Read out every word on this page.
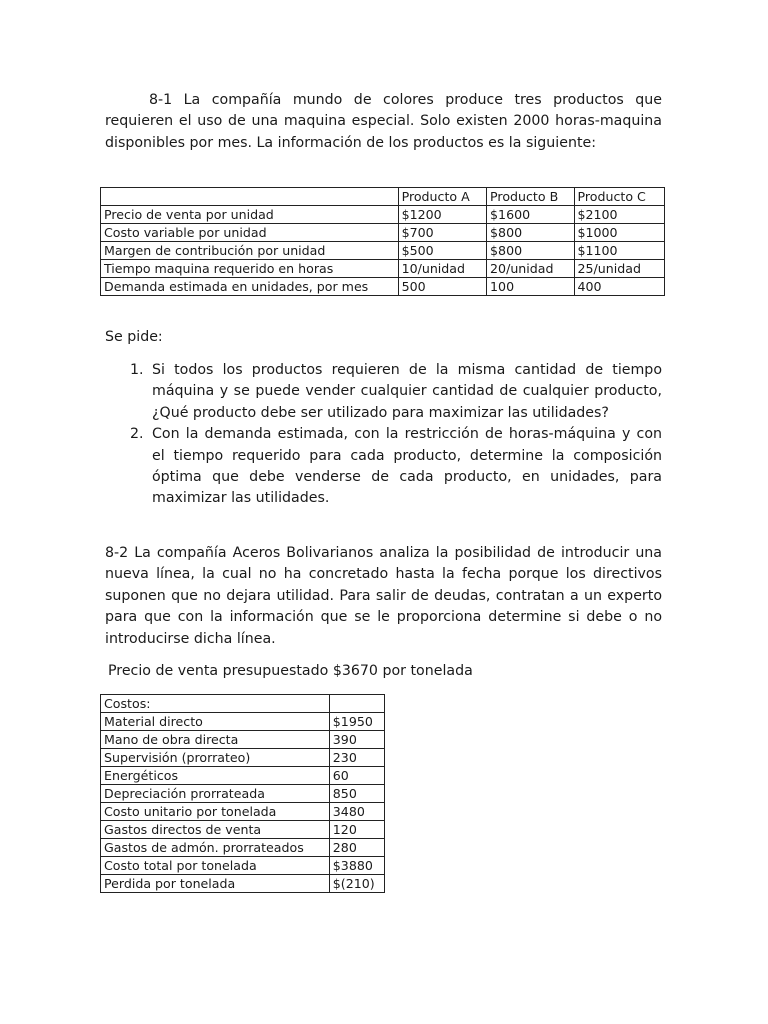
8-1 La compañía mundo de colores produce tres productos que requieren el uso de una maquina especial. Solo existen 2000 horas-maquina disponibles por mes. La información de los productos es la siguiente:

	Producto A	Producto B	Producto C
Precio de venta por unidad	$1200	$1600	$2100
Costo variable por unidad	$700	$800	$1000
Margen de contribución por unidad	$500	$800	$1100
Tiempo maquina requerido en horas	10/unidad	20/unidad	25/unidad
Demanda estimada en unidades, por mes	500	100	400

Se pide:

1. Si todos los productos requieren de la misma cantidad de tiempo máquina y se puede vender cualquier cantidad de cualquier producto, ¿Qué producto debe ser utilizado para maximizar las utilidades?
2. Con la demanda estimada, con la restricción de horas-máquina y con el tiempo requerido para cada producto, determine la composición óptima que debe venderse de cada producto, en unidades, para maximizar las utilidades.

8-2 La compañía Aceros Bolivarianos analiza la posibilidad de introducir una nueva línea, la cual no ha concretado hasta la fecha porque los directivos suponen que no dejara utilidad. Para salir de deudas, contratan a un experto para que con la información que se le proporciona determine si debe o no introducirse dicha línea.

Precio de venta presupuestado $3670 por tonelada

Costos:	
Material directo	$1950
Mano de obra directa	390
Supervisión (prorrateo)	230
Energéticos	60
Depreciación prorrateada	850
Costo unitario por tonelada	3480
Gastos directos de venta	120
Gastos de admón. prorrateados	280
Costo total por tonelada	$3880
Perdida por tonelada	$(210)
